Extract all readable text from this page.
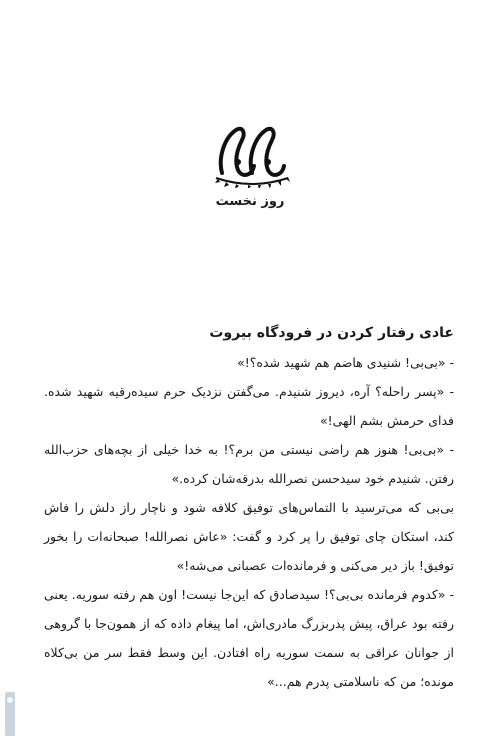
روز نخست
عادی رفتار کردن در فرودگاه بیروت

- «بی‌بی! شنیدی هاضم هم شهید شده؟!»

- «پسر راحله؟ آره، دیروز شنیدم. می‌گفتن نزدیک حرم سیده‌رقیه شهید شده. فدای حرمش بشم الهی!»

- «بی‌بی! هنوز هم راضی نیستی من برم؟! به خدا خیلی از بچه‌های حزب‌الله رفتن. شنیدم خود سیدحسن نصرالله بدرقه‌شان کرده.»

بی‌بی که می‌ترسید با التماس‌های توفیق کلافه شود و ناچار راز دلش را فاش کند، استکان چای توفیق را پر کرد و گفت: «عاش نصرالله! صبحانه‌ات را بخور توفیق! باز دیر می‌کنی و فرمانده‌ات عصبانی می‌شه!»

- «کدوم فرمانده بی‌بی؟! سیدصادق که این‌جا نیست! اون هم رفته سوریه. یعنی رفته بود عراق، پیش پدربزرگ مادری‌اش، اما پیغام داده که از همون‌جا با گروهی از جوانان عراقی به سمت سوریه راه افتادن. این وسط فقط سر من بی‌کلاه مونده؛ من که ناسلامتی پدرم هم...»
